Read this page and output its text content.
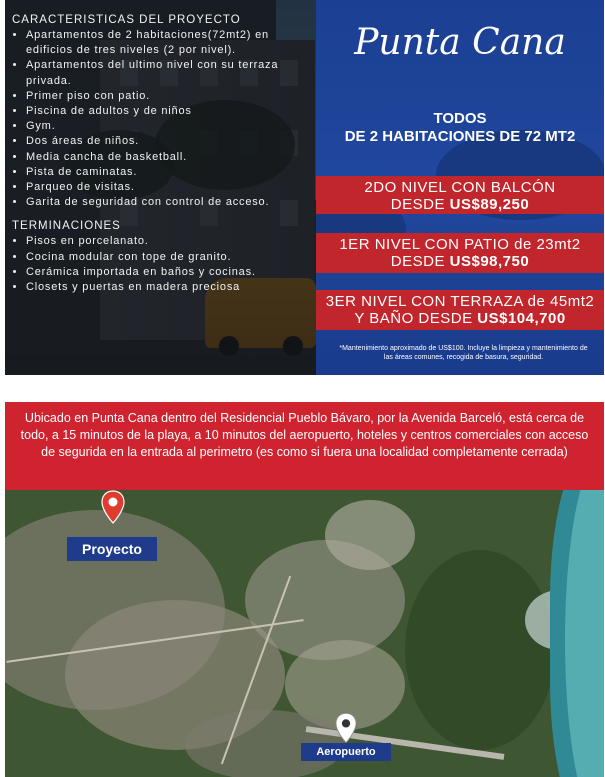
CARACTERISTICAS DEL PROYECTO
• Apartamentos de 2 habitaciones(72mt2) en edificios de tres niveles (2 por nivel).
• Apartamentos del ultimo nivel con su terraza privada.
• Primer piso con patio.
• Piscina de adultos y de niños
• Gym.
• Dos áreas de niños.
• Media cancha de basketball.
• Pista de caminatas.
• Parqueo de visitas.
• Garita de seguridad con control de acceso.
TERMINACIONES
• Pisos en porcelanato.
• Cocina modular con tope de granito.
• Cerámica importada en baños y cocinas.
• Closets y puertas en madera preciosa
Punta Cana
TODOS
DE 2 HABITACIONES DE 72 MT2
2DO NIVEL CON BALCÓN
DESDE US$89,250
1ER NIVEL CON PATIO de 23mt2
DESDE US$98,750
3ER NIVEL CON TERRAZA de 45mt2
Y BAÑO DESDE US$104,700
*Mantenimiento aproximado de US$100. Incluye la limpieza y mantenimiento de las áreas comunes, recogida de basura, seguridad.
Ubicado en Punta Cana dentro del Residencial Pueblo Bávaro, por la Avenida Barceló, está cerca de todo, a 15 minutos de la playa, a 10 minutos del aeropuerto, hoteles y centros comerciales con acceso de segurida en la entrada al perimetro (es como si fuera una localidad completamente cerrada)
Proyecto
Aeropuerto
